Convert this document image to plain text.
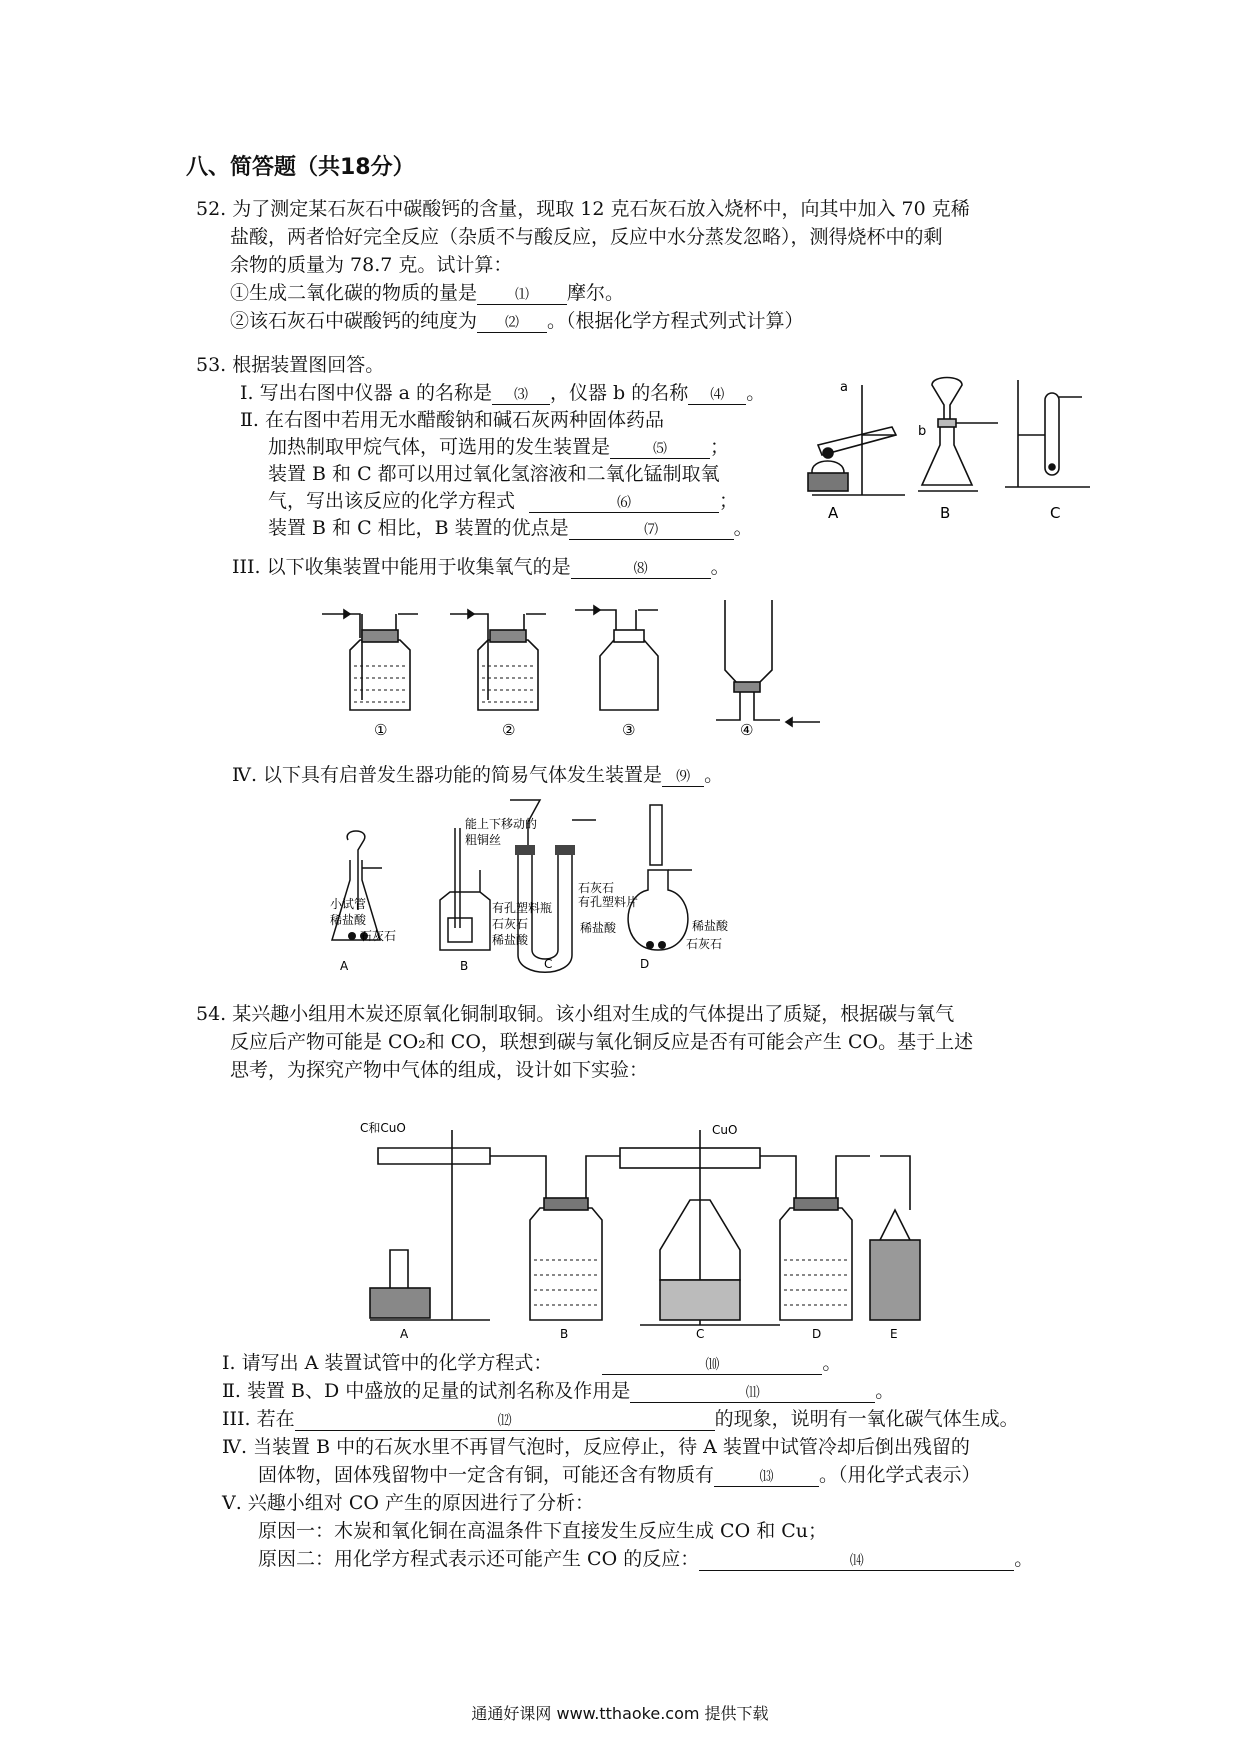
八、简答题（共18分）
52. 为了测定某石灰石中碳酸钙的含量，现取 12 克石灰石放入烧杯中，向其中加入 70 克稀
盐酸，两者恰好完全反应（杂质不与酸反应，反应中水分蒸发忽略），测得烧杯中的剩
余物的质量为 78.7 克。试计算：
①生成二氧化碳的物质的量是	⑴ 摩尔。
②该石灰石中碳酸钙的纯度为 ⑵ 。（根据化学方程式列式计算）
53. 根据装置图回答。
Ⅰ. 写出右图中仪器 a 的名称是 ⑶ ，仪器 b 的名称 ⑷ 。
Ⅱ. 在右图中若用无水醋酸钠和碱石灰两种固体药品
加热制取甲烷气体，可选用的发生装置是	⑸ ；
装置 B 和 C 都可以用过氧化氢溶液和二氧化锰制取氧
气，写出该反应的化学方程式	⑹	；
装置 B 和 C 相比，B 装置的优点是	⑺	。
III. 以下收集装置中能用于收集氧气的是	⑻	。
Ⅳ. 以下具有启普发生器功能的简易气体发生装置是 ⑼ 。
a
b
A	B	C
①	②	③	④
小试管
稀盐酸
石灰石
能上下移动的
粗铜丝
有孔塑料瓶
石灰石
稀盐酸
石灰石
有孔塑料片
稀盐酸	稀盐酸
石灰石
A	B	C	D
54. 某兴趣小组用木炭还原氧化铜制取铜。该小组对生成的气体提出了质疑，根据碳与氧气
反应后产物可能是 CO₂和 CO，联想到碳与氧化铜反应是否有可能会产生 CO。基于上述
思考，为探究产物中气体的组成，设计如下实验：
C和CuO	CuO
A	B	C	D	E
Ⅰ. 请写出 A 装置试管中的化学方程式：	⑽	。
Ⅱ. 装置 B、D 中盛放的足量的试剂名称及作用是	⑾	。
III. 若在	⑿	的现象，说明有一氧化碳气体生成。
Ⅳ. 当装置 B 中的石灰水里不再冒气泡时，反应停止，待 A 装置中试管冷却后倒出残留的
固体物，固体残留物中一定含有铜，可能还含有物质有	⒀ 。（用化学式表示）
Ⅴ. 兴趣小组对 CO 产生的原因进行了分析：
原因一：木炭和氧化铜在高温条件下直接发生反应生成 CO 和 Cu；
原因二：用化学方程式表示还可能产生 CO 的反应：	⒁	。
通通好课网 www.tthaoke.com 提供下载
